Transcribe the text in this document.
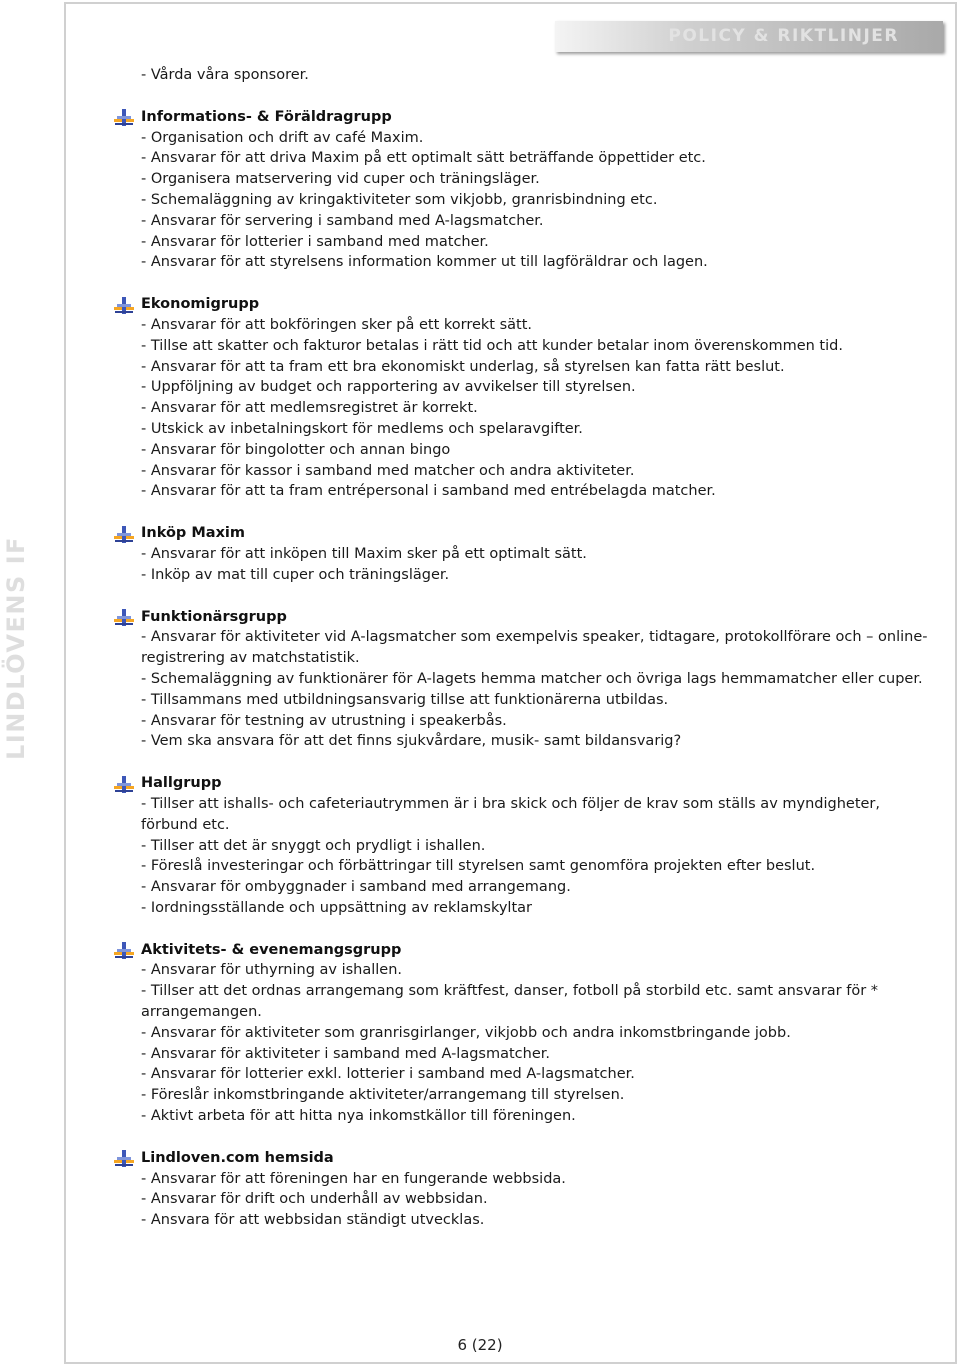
POLICY & RIKTLINJER
LINDLÖVENS IF
- Vårda våra sponsorer.
Informations- & Föräldragrupp
- Organisation och drift av café Maxim.
- Ansvarar för att driva Maxim på ett optimalt sätt beträffande öppettider etc.
- Organisera matservering vid cuper och träningsläger.
- Schemaläggning av kringaktiviteter som vikjobb, granrisbindning etc.
- Ansvarar för servering i samband med A-lagsmatcher.
- Ansvarar för lotterier i samband med matcher.
- Ansvarar för att styrelsens information kommer ut till lagföräldrar och lagen.
Ekonomigrupp
- Ansvarar för att bokföringen sker på ett korrekt sätt.
- Tillse att skatter och fakturor betalas i rätt tid och att kunder betalar inom överenskommen tid.
- Ansvarar för att ta fram ett bra ekonomiskt underlag, så styrelsen kan fatta rätt beslut.
- Uppföljning av budget och rapportering av avvikelser till styrelsen.
- Ansvarar för att medlemsregistret är korrekt.
- Utskick av inbetalningskort för medlems och spelaravgifter.
- Ansvarar för bingolotter och annan bingo
- Ansvarar för kassor i samband med matcher och andra aktiviteter.
- Ansvarar för att ta fram entrépersonal i samband med entrébelagda matcher.
Inköp Maxim
- Ansvarar för att inköpen till Maxim sker på ett optimalt sätt.
- Inköp av mat till cuper och träningsläger.
Funktionärsgrupp
- Ansvarar för aktiviteter vid A-lagsmatcher som exempelvis speaker, tidtagare, protokollförare och – online-registrering av matchstatistik.
- Schemaläggning av funktionärer för A-lagets hemma matcher och övriga lags hemmamatcher eller cuper.
- Tillsammans med utbildningsansvarig tillse att funktionärerna utbildas.
- Ansvarar för testning av utrustning i speakerbås.
- Vem ska ansvara för att det finns sjukvårdare, musik- samt bildansvarig?
Hallgrupp
- Tillser att ishalls- och cafeteriautrymmen är i bra skick och följer de krav som ställs av myndigheter, förbund etc.
- Tillser att det är snyggt och prydligt i ishallen.
- Föreslå investeringar och förbättringar till styrelsen samt genomföra projekten efter beslut.
- Ansvarar för ombyggnader i samband med arrangemang.
- Iordningsställande och uppsättning av reklamskyltar
Aktivitets- & evenemangsgrupp
- Ansvarar för uthyrning av ishallen.
- Tillser att det ordnas arrangemang som kräftfest, danser, fotboll på storbild etc. samt ansvarar för * arrangemangen.
- Ansvarar för aktiviteter som granrisgirlanger, vikjobb och andra inkomstbringande jobb.
- Ansvarar för aktiviteter i samband med A-lagsmatcher.
- Ansvarar för lotterier exkl. lotterier i samband med A-lagsmatcher.
- Föreslår inkomstbringande aktiviteter/arrangemang till styrelsen.
- Aktivt arbeta för att hitta nya inkomstkällor till föreningen.
Lindloven.com hemsida
- Ansvarar för att föreningen har en fungerande webbsida.
- Ansvarar för drift och underhåll av webbsidan.
- Ansvara för att webbsidan ständigt utvecklas.
6 (22)
